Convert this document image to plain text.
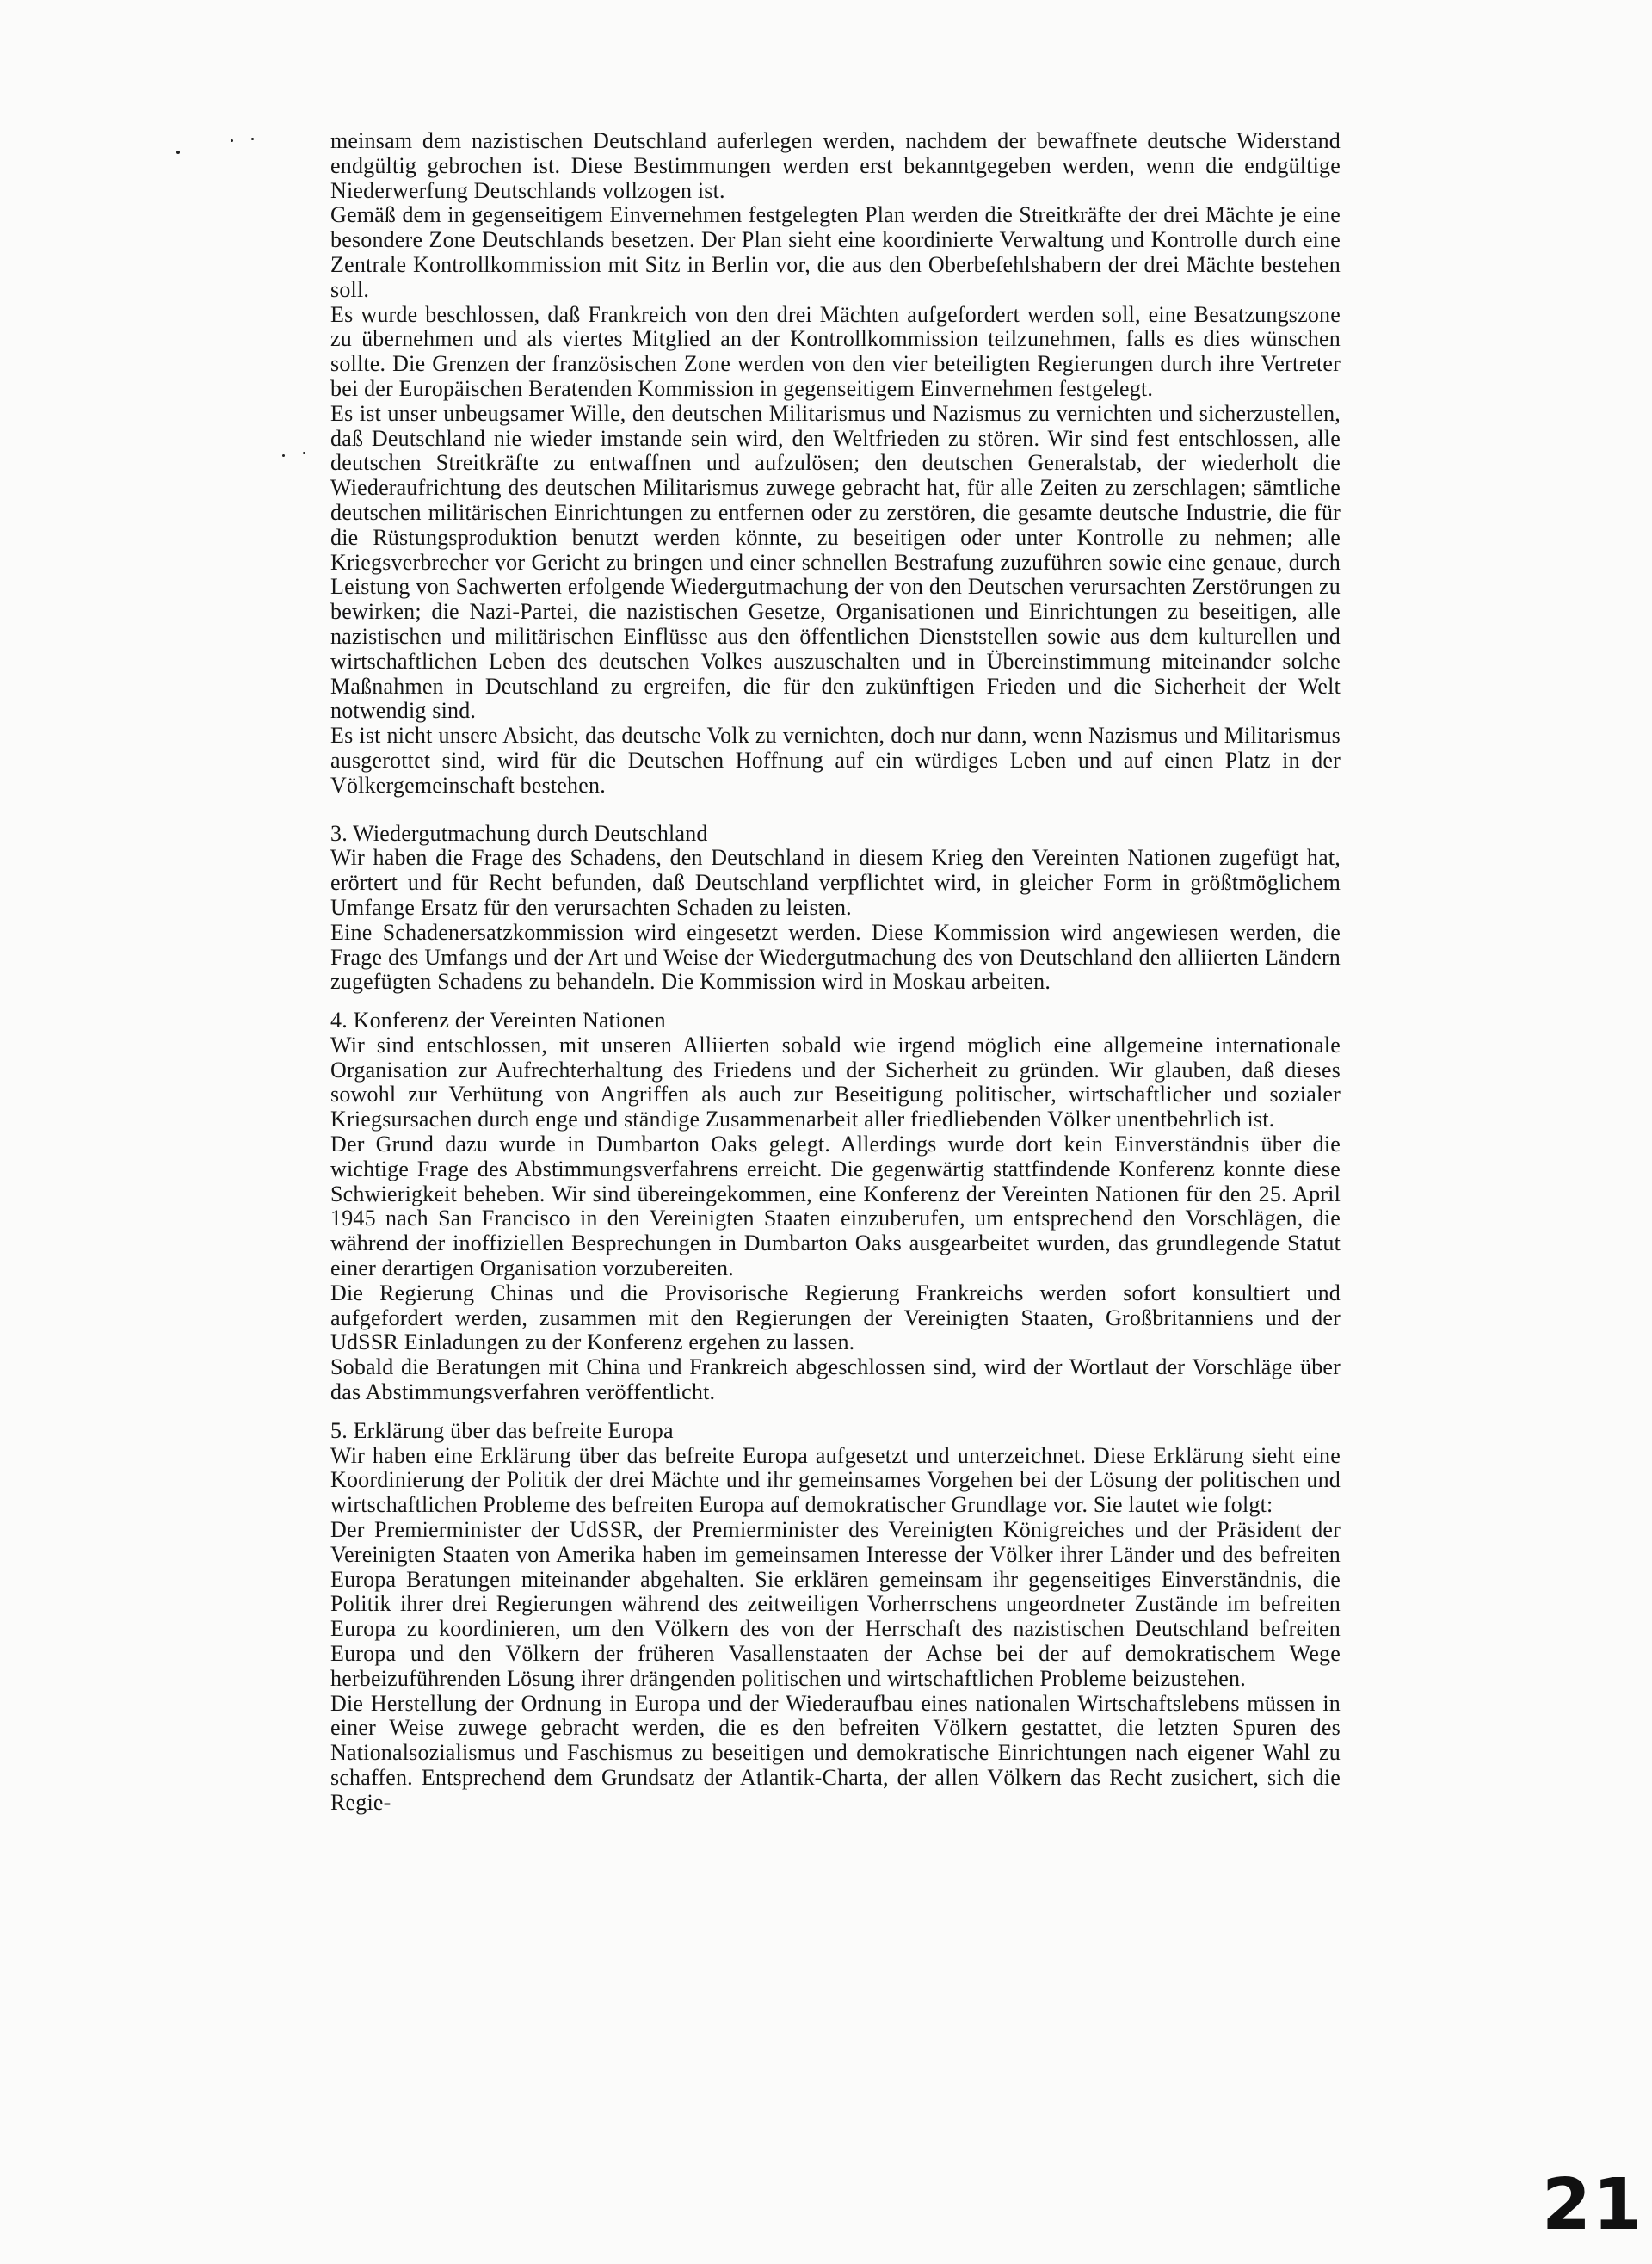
meinsam dem nazistischen Deutschland auferlegen werden, nachdem der bewaffnete deutsche Widerstand endgültig gebrochen ist. Diese Bestimmungen werden erst bekanntgegeben werden, wenn die endgültige Niederwerfung Deutschlands vollzogen ist.

Gemäß dem in gegenseitigem Einvernehmen festgelegten Plan werden die Streitkräfte der drei Mächte je eine besondere Zone Deutschlands besetzen. Der Plan sieht eine koordinierte Verwaltung und Kontrolle durch eine Zentrale Kontrollkommission mit Sitz in Berlin vor, die aus den Oberbefehlshabern der drei Mächte bestehen soll.

Es wurde beschlossen, daß Frankreich von den drei Mächten aufgefordert werden soll, eine Besatzungszone zu übernehmen und als viertes Mitglied an der Kontrollkommission teilzunehmen, falls es dies wünschen sollte. Die Grenzen der französischen Zone werden von den vier beteiligten Regierungen durch ihre Vertreter bei der Europäischen Beratenden Kommission in gegenseitigem Einvernehmen festgelegt.

Es ist unser unbeugsamer Wille, den deutschen Militarismus und Nazismus zu vernichten und sicherzustellen, daß Deutschland nie wieder imstande sein wird, den Weltfrieden zu stören. Wir sind fest entschlossen, alle deutschen Streitkräfte zu entwaffnen und aufzulösen; den deutschen Generalstab, der wiederholt die Wiederaufrichtung des deutschen Militarismus zuwege gebracht hat, für alle Zeiten zu zerschlagen; sämtliche deutschen militärischen Einrichtungen zu entfernen oder zu zerstören, die gesamte deutsche Industrie, die für die Rüstungsproduktion benutzt werden könnte, zu beseitigen oder unter Kontrolle zu nehmen; alle Kriegsverbrecher vor Gericht zu bringen und einer schnellen Bestrafung zuzuführen sowie eine genaue, durch Leistung von Sachwerten erfolgende Wiedergutmachung der von den Deutschen verursachten Zerstörungen zu bewirken; die Nazi-Partei, die nazistischen Gesetze, Organisationen und Einrichtungen zu beseitigen, alle nazistischen und militärischen Einflüsse aus den öffentlichen Dienststellen sowie aus dem kulturellen und wirtschaftlichen Leben des deutschen Volkes auszuschalten und in Übereinstimmung miteinander solche Maßnahmen in Deutschland zu ergreifen, die für den zukünftigen Frieden und die Sicherheit der Welt notwendig sind.

Es ist nicht unsere Absicht, das deutsche Volk zu vernichten, doch nur dann, wenn Nazismus und Militarismus ausgerottet sind, wird für die Deutschen Hoffnung auf ein würdiges Leben und auf einen Platz in der Völkergemeinschaft bestehen.

3. Wiedergutmachung durch Deutschland

Wir haben die Frage des Schadens, den Deutschland in diesem Krieg den Vereinten Nationen zugefügt hat, erörtert und für Recht befunden, daß Deutschland verpflichtet wird, in gleicher Form in größtmöglichem Umfange Ersatz für den verursachten Schaden zu leisten.

Eine Schadenersatzkommission wird eingesetzt werden. Diese Kommission wird angewiesen werden, die Frage des Umfangs und der Art und Weise der Wiedergutmachung des von Deutschland den alliierten Ländern zugefügten Schadens zu behandeln. Die Kommission wird in Moskau arbeiten.

4. Konferenz der Vereinten Nationen

Wir sind entschlossen, mit unseren Alliierten sobald wie irgend möglich eine allgemeine internationale Organisation zur Aufrechterhaltung des Friedens und der Sicherheit zu gründen. Wir glauben, daß dieses sowohl zur Verhütung von Angriffen als auch zur Beseitigung politischer, wirtschaftlicher und sozialer Kriegsursachen durch enge und ständige Zusammenarbeit aller friedliebenden Völker unentbehrlich ist.

Der Grund dazu wurde in Dumbarton Oaks gelegt. Allerdings wurde dort kein Einverständnis über die wichtige Frage des Abstimmungsverfahrens erreicht. Die gegenwärtig stattfindende Konferenz konnte diese Schwierigkeit beheben. Wir sind übereingekommen, eine Konferenz der Vereinten Nationen für den 25. April 1945 nach San Francisco in den Vereinigten Staaten einzuberufen, um entsprechend den Vorschlägen, die während der inoffiziellen Besprechungen in Dumbarton Oaks ausgearbeitet wurden, das grundlegende Statut einer derartigen Organisation vorzubereiten.

Die Regierung Chinas und die Provisorische Regierung Frankreichs werden sofort konsultiert und aufgefordert werden, zusammen mit den Regierungen der Vereinigten Staaten, Großbritanniens und der UdSSR Einladungen zu der Konferenz ergehen zu lassen.

Sobald die Beratungen mit China und Frankreich abgeschlossen sind, wird der Wortlaut der Vorschläge über das Abstimmungsverfahren veröffentlicht.

5. Erklärung über das befreite Europa

Wir haben eine Erklärung über das befreite Europa aufgesetzt und unterzeichnet. Diese Erklärung sieht eine Koordinierung der Politik der drei Mächte und ihr gemeinsames Vorgehen bei der Lösung der politischen und wirtschaftlichen Probleme des befreiten Europa auf demokratischer Grundlage vor. Sie lautet wie folgt:

Der Premierminister der UdSSR, der Premierminister des Vereinigten Königreiches und der Präsident der Vereinigten Staaten von Amerika haben im gemeinsamen Interesse der Völker ihrer Länder und des befreiten Europa Beratungen miteinander abgehalten. Sie erklären gemeinsam ihr gegenseitiges Einverständnis, die Politik ihrer drei Regierungen während des zeitweiligen Vorherrschens ungeordneter Zustände im befreiten Europa zu koordinieren, um den Völkern des von der Herrschaft des nazistischen Deutschland befreiten Europa und den Völkern der früheren Vasallenstaaten der Achse bei der auf demokratischem Wege herbeizuführenden Lösung ihrer drängenden politischen und wirtschaftlichen Probleme beizustehen.

Die Herstellung der Ordnung in Europa und der Wiederaufbau eines nationalen Wirtschaftslebens müssen in einer Weise zuwege gebracht werden, die es den befreiten Völkern gestattet, die letzten Spuren des Nationalsozialismus und Faschismus zu beseitigen und demokratische Einrichtungen nach eigener Wahl zu schaffen. Entsprechend dem Grundsatz der Atlantik-Charta, der allen Völkern das Recht zusichert, sich die Regie-

21
